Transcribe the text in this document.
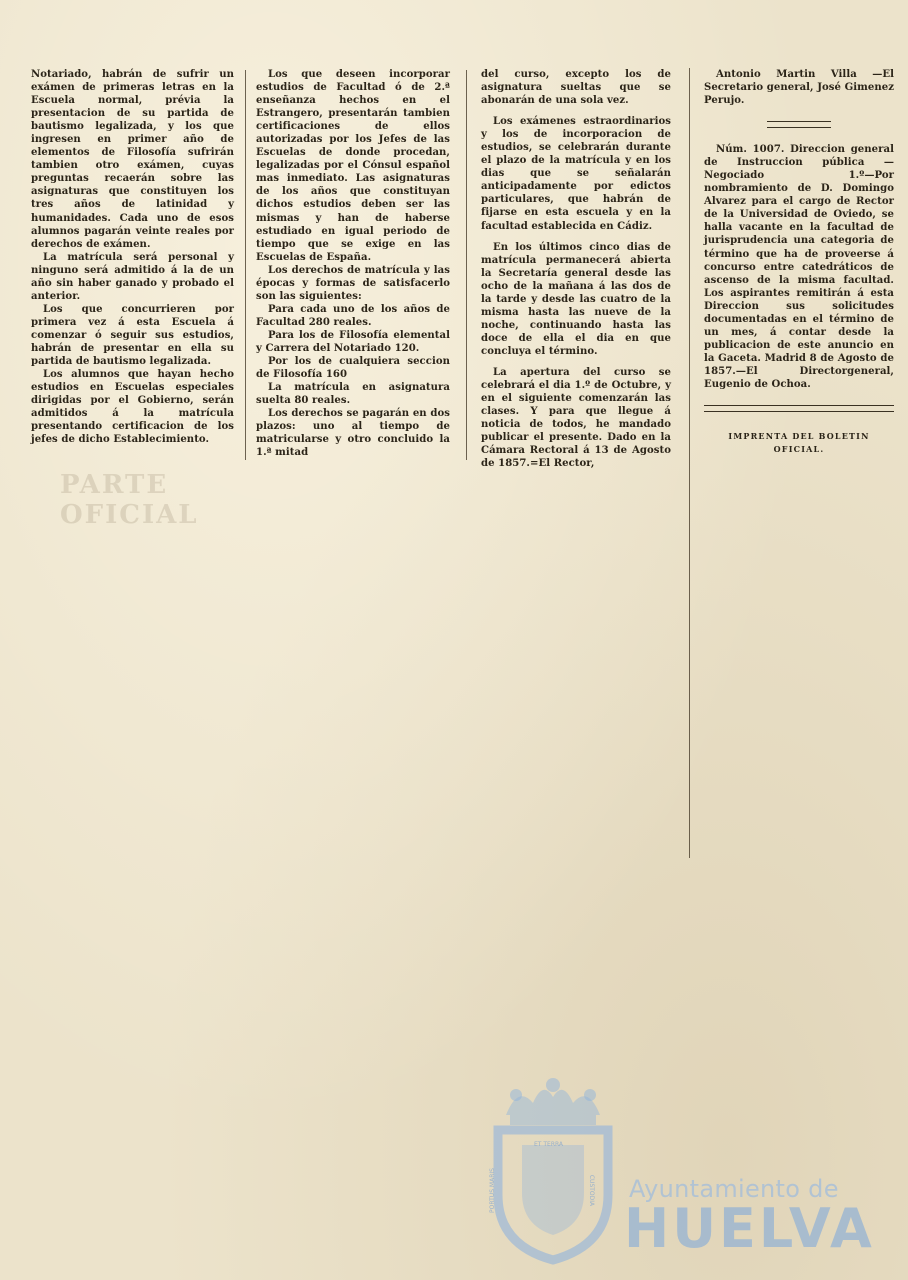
PARTE OFICIAL

Notariado, habrán de sufrir un exámen de primeras letras en la Escuela normal, prévia la presentacion de su partida de bautismo legalizada, y los que ingresen en primer año de elementos de Filosofía sufrirán tambien otro exámen, cuyas preguntas recaerán sobre las asignaturas que constituyen los tres años de latinidad y humanidades. Cada uno de esos alumnos pagarán veinte reales por derechos de exámen.

La matrícula será personal y ninguno será admitido á la de un año sin haber ganado y probado el anterior.

Los que concurrieren por primera vez á esta Escuela á comenzar ó seguir sus estudios, habrán de presentar en ella su partida de bautismo legalizada.

Los alumnos que hayan hecho estudios en Escuelas especiales dirigidas por el Gobierno, serán admitidos á la matrícula presentando certificacion de los jefes de dicho Establecimiento.

Los que deseen incorporar estudios de Facultad ó de 2.ª enseñanza hechos en el Estrangero, presentarán tambien certificaciones de ellos autorizadas por los Jefes de las Escuelas de donde procedan, legalizadas por el Cónsul español mas inmediato. Las asignaturas de los años que constituyan dichos estudios deben ser las mismas y han de haberse estudiado en igual periodo de tiempo que se exige en las Escuelas de España.

Los derechos de matrícula y las épocas y formas de satisfacerlo son las siguientes:

Para cada uno de los años de Facultad 280 reales.

Para los de Filosofía elemental y Carrera del Notariado 120.

Por los de cualquiera seccion de Filosofía 160

La matrícula en asignatura suelta 80 reales.

Los derechos se pagarán en dos plazos: uno al tiempo de matricularse y otro concluido la 1.ª mitad

del curso, excepto los de asignatura sueltas que se abonarán de una sola vez.

Los exámenes estraordinarios y los de incorporacion de estudios, se celebrarán durante el plazo de la matrícula y en los dias que se señalarán anticipadamente por edictos particulares, que habrán de fijarse en esta escuela y en la facultad establecida en Cádiz.

En los últimos cinco dias de matrícula permanecerá abierta la Secretaría general desde las ocho de la mañana á las dos de la tarde y desde las cuatro de la misma hasta las nueve de la noche, continuando hasta las doce de ella el dia en que concluya el término.

La apertura del curso se celebrará el dia 1.º de Octubre, y en el siguiente comenzarán las clases. Y para que llegue á noticia de todos, he mandado publicar el presente. Dado en la Cámara Rectoral á 13 de Agosto de 1857.=El Rector,

Antonio Martin Villa —El Secretario general, José Gimenez Perujo.

Núm. 1007. Direccion general de Instruccion pública —Negociado 1.º—Por nombramiento de D. Domingo Alvarez para el cargo de Rector de la Universidad de Oviedo, se halla vacante en la facultad de jurisprudencia una categoria de término que ha de proveerse á concurso entre catedráticos de ascenso de la misma facultad. Los aspirantes remitirán á esta Direccion sus solicitudes documentadas en el término de un mes, á contar desde la publicacion de este anuncio en la Gaceta. Madrid 8 de Agosto de 1857.—El Directorgeneral, Eugenio de Ochoa.

IMPRENTA DEL BOLETIN OFICIAL.

ET TERRA
PORTUS MARIS	CUSTODIA Ayuntamiento de
HUELVA
